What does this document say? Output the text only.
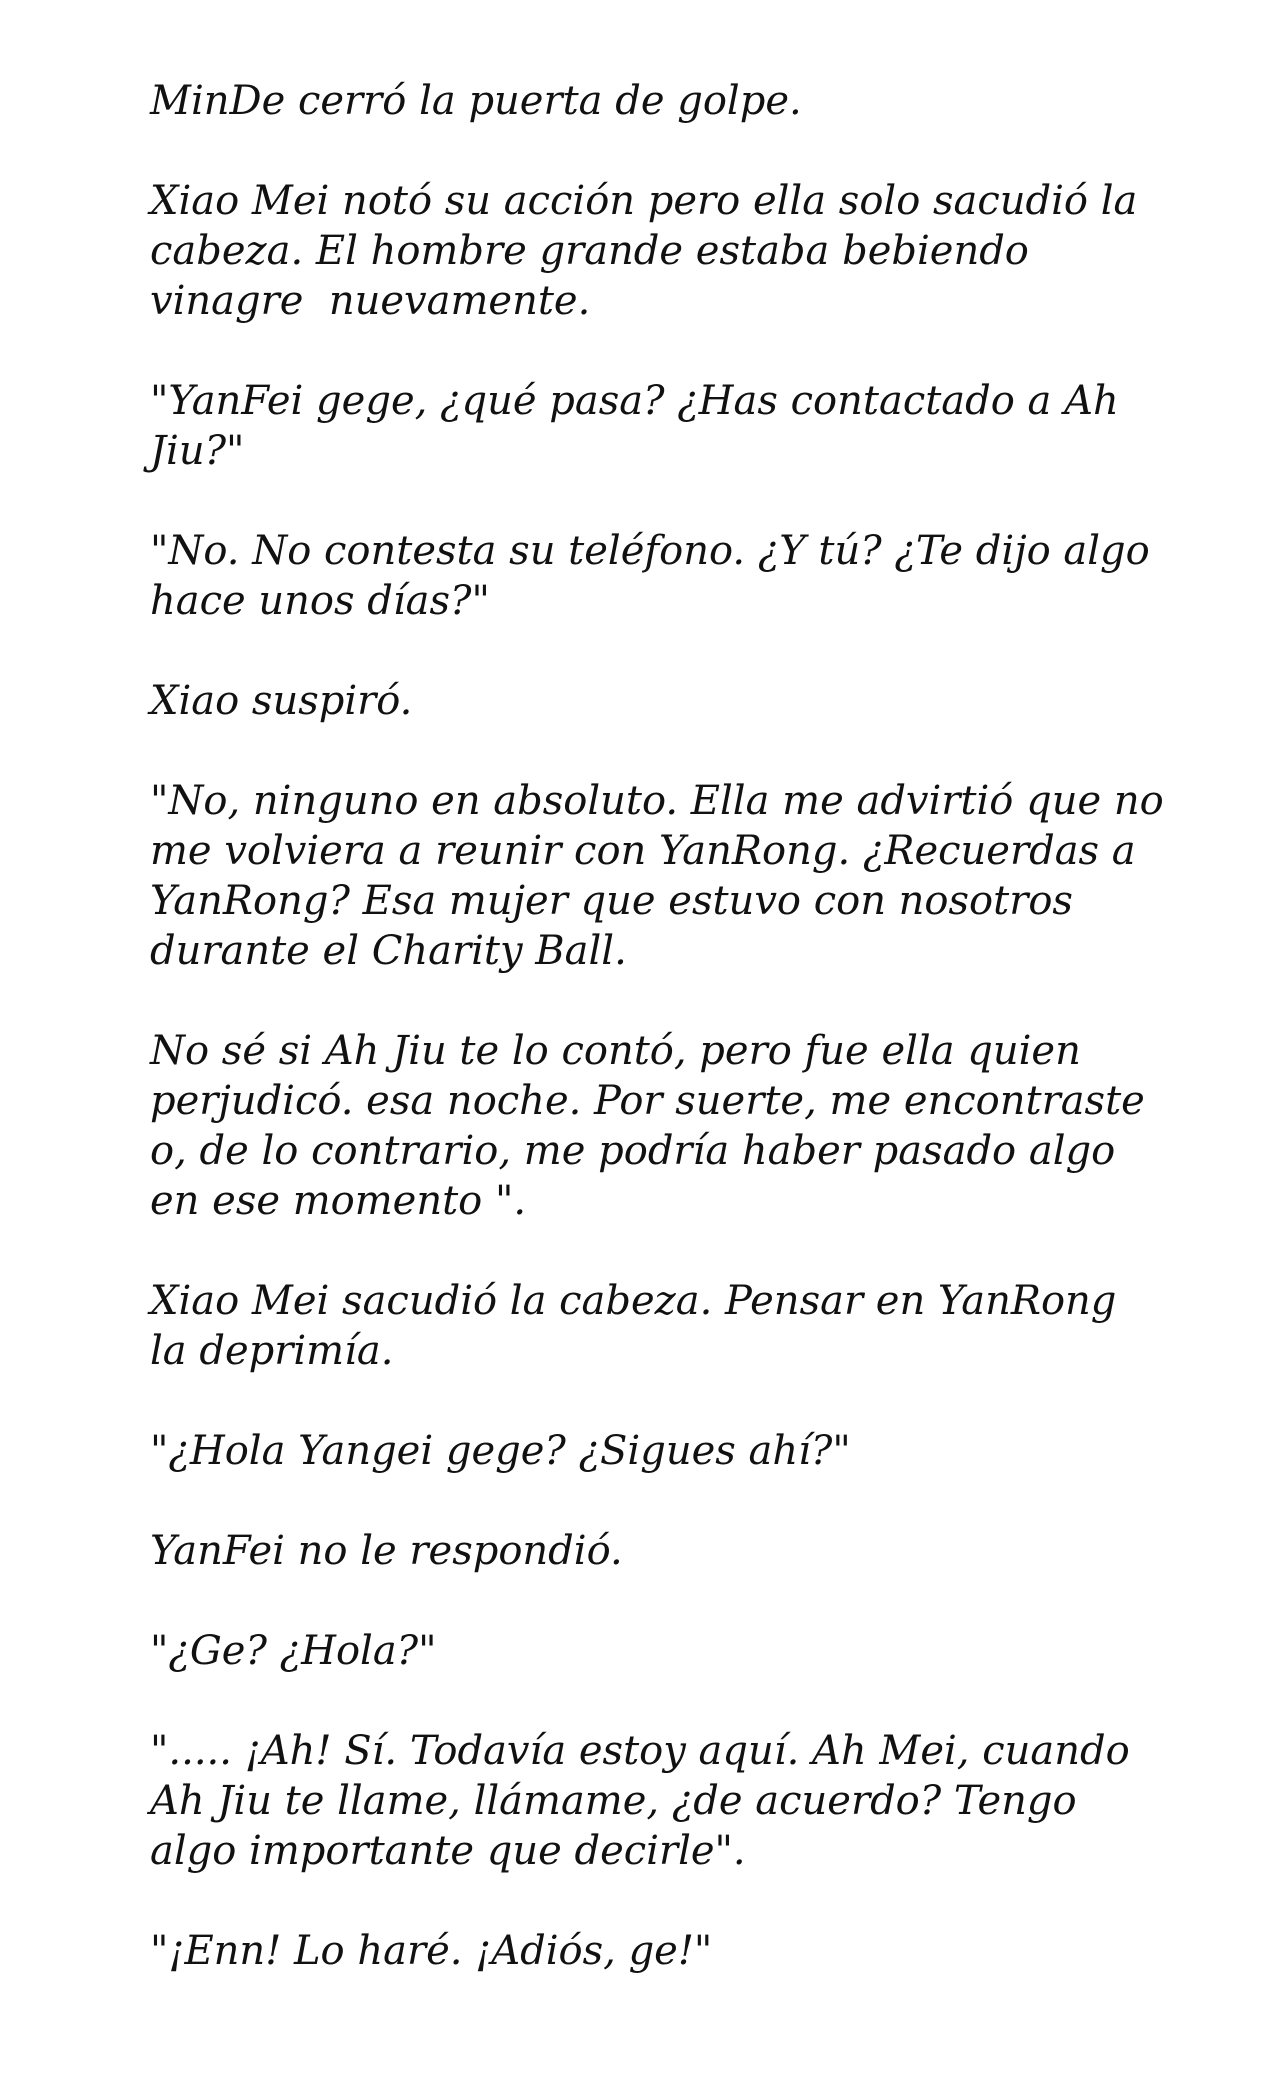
MinDe cerró la puerta de golpe.
Xiao Mei notó su acción pero ella solo sacudió la
cabeza. El hombre grande estaba bebiendo
vinagre  nuevamente.
"YanFei gege, ¿qué pasa? ¿Has contactado a Ah
Jiu?"
"No. No contesta su teléfono. ¿Y tú? ¿Te dijo algo
hace unos días?"
Xiao suspiró.
"No, ninguno en absoluto. Ella me advirtió que no
me volviera a reunir con YanRong. ¿Recuerdas a
YanRong? Esa mujer que estuvo con nosotros
durante el Charity Ball.
No sé si Ah Jiu te lo contó, pero fue ella quien
perjudicó. esa noche. Por suerte, me encontraste
o, de lo contrario, me podría haber pasado algo
en ese momento ".
Xiao Mei sacudió la cabeza. Pensar en YanRong
la deprimía.
"¿Hola Yangei gege? ¿Sigues ahí?"
YanFei no le respondió.
"¿Ge? ¿Hola?"
"..... ¡Ah! Sí. Todavía estoy aquí. Ah Mei, cuando
Ah Jiu te llame, llámame, ¿de acuerdo? Tengo
algo importante que decirle".
"¡Enn! Lo haré. ¡Adiós, ge!"
